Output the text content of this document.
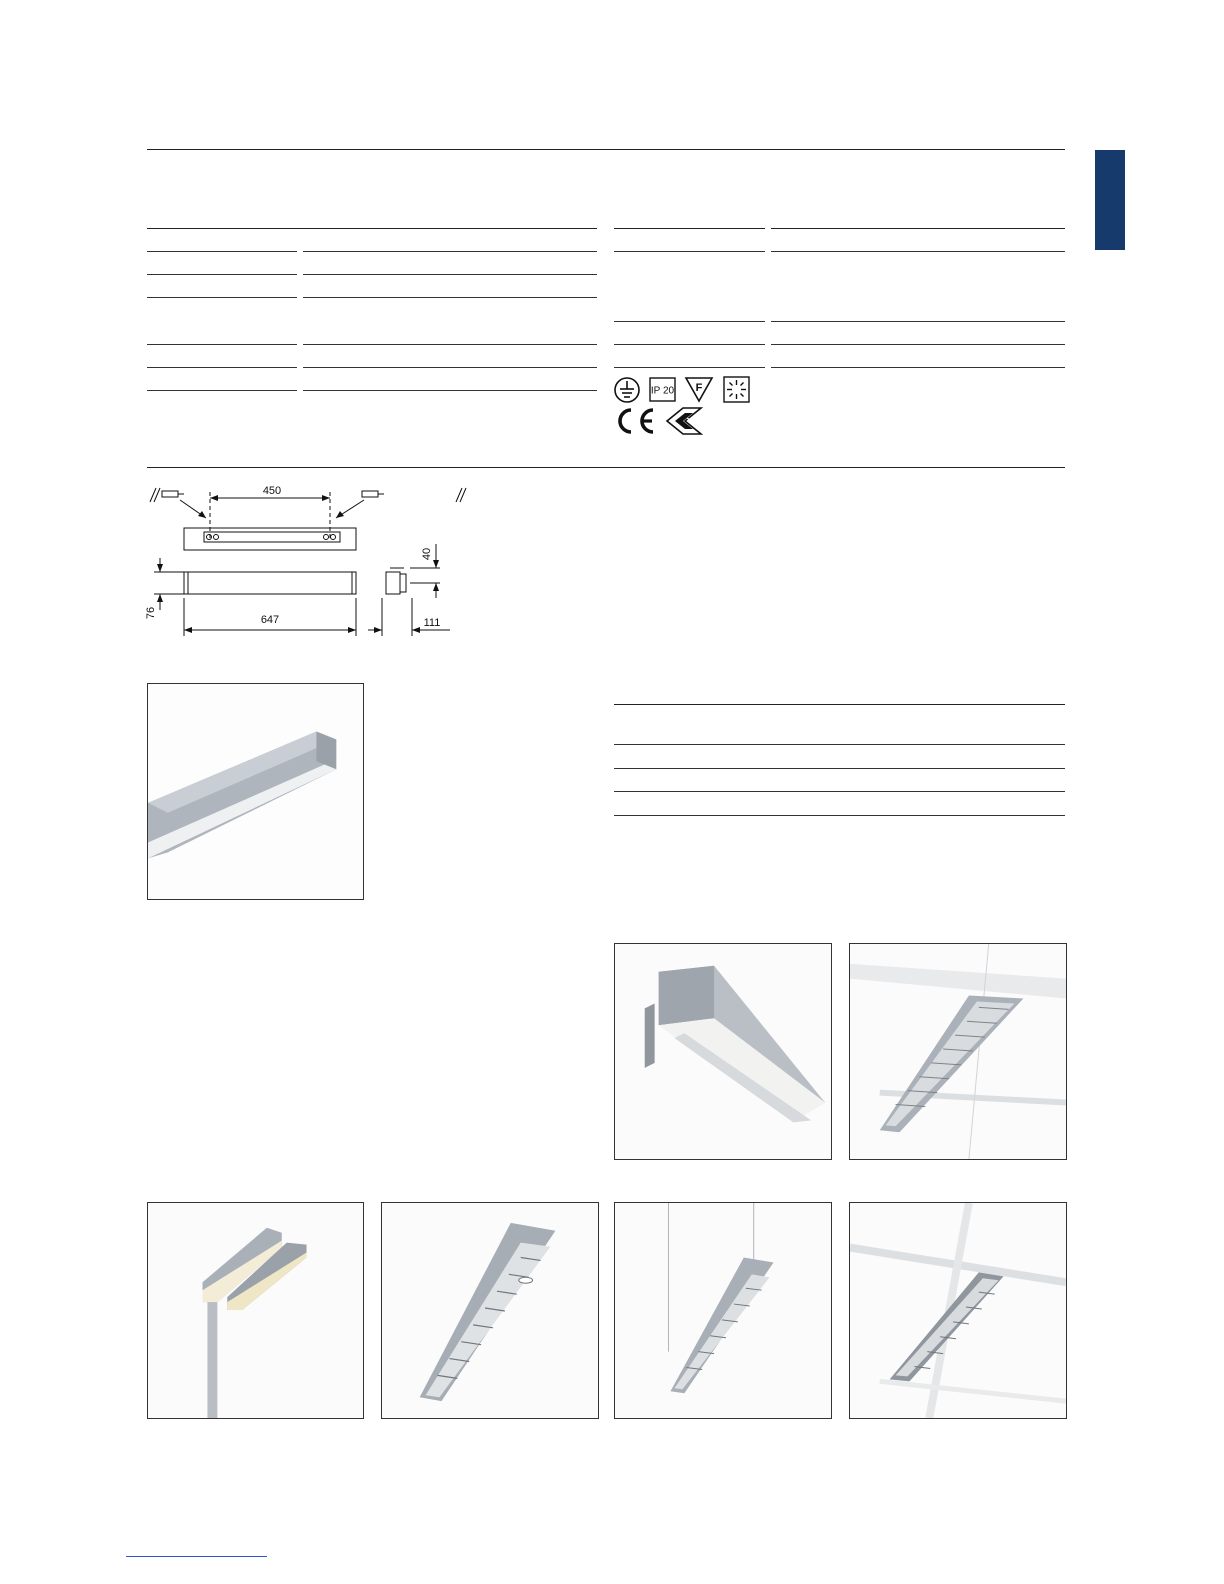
IP 20 F
450
647
76
40
111
